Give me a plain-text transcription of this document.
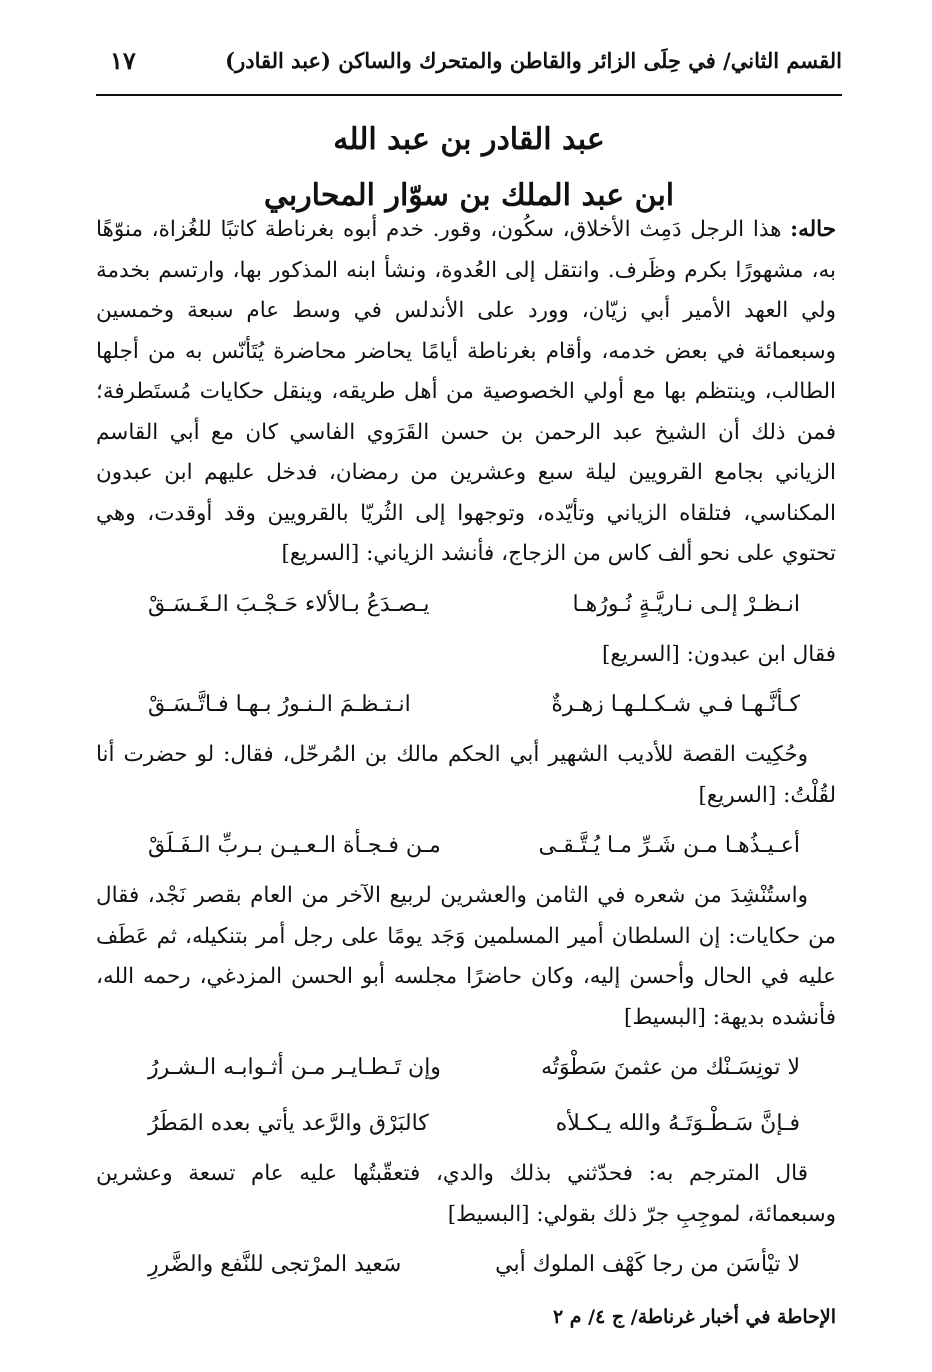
القسم الثاني/ في حِلَى الزائر والقاطن والمتحرك والساكن (عبد القادر)
١٧
عبد القادر بن عبد الله
ابن عبد الملك بن سوّار المحاربي

حاله: هذا الرجل دَمِث الأخلاق، سكُون، وقور. خدم أبوه بغرناطة كاتبًا للغُزاة، منوّهًا به، مشهورًا بكرم وظَرف. وانتقل إلى العُدوة، ونشأ ابنه المذكور بها، وارتسم بخدمة ولي العهد الأمير أبي زيّان، وورد على الأندلس في وسط عام سبعة وخمسين وسبعمائة في بعض خدمه، وأقام بغرناطة أيامًا يحاضر محاضرة يُتَأنّس به من أجلها الطالب، وينتظم بها مع أولي الخصوصية من أهل طريقه، وينقل حكايات مُستَطرفة؛ فمن ذلك أن الشيخ عبد الرحمن بن حسن القَرَوي الفاسي كان مع أبي القاسم الزياني بجامع القرويين ليلة سبع وعشرين من رمضان، فدخل عليهم ابن عبدون المكناسي، فتلقاه الزياني وتأيّده، وتوجهوا إلى الثُريّا بالقرويين وقد أوقدت، وهي تحتوي على نحو ألف كاس من الزجاج، فأنشد الزياني: [السريع]

انـظـرْ إلـى نـاريَّـةٍ نُـورُهـا
يـصـدَعُ بـالألاء حَـجْـبَ الـغَـسَـقْ

فقال ابن عبدون: [السريع]

كـأنَّـهـا فـي شـكـلـهـا زهـرةٌ
انـتـظـمَ الـنـورُ بـهـا فـاتَّـسَـقْ

وحُكِيت القصة للأديب الشهير أبي الحكم مالك بن المُرحّل، فقال: لو حضرت أنا لقُلْتُ: [السريع]

أعـيـذُهـا مـن شَـرِّ مـا يُـتَّـقـى
مـن فـجـأة الـعـيـن بـربِّ الـفَـلَقْ

واستُنْشِدَ من شعره في الثامن والعشرين لربيع الآخر من العام بقصر نَجْد، فقال من حكايات: إن السلطان أمير المسلمين وَجَد يومًا على رجل أمر بتنكيله، ثم عَطَف عليه في الحال وأحسن إليه، وكان حاضرًا مجلسه أبو الحسن المزدغي، رحمه الله، فأنشده بديهة: [البسيط]

لا تونِسَـنْك من عثمنَ سَطْوَتُه
وإن تَـطـايـر مـن أثـوابـه الـشـررُ
فـإنَّ سَـطْـوَتَـهُ والله يـكـلأه
كالبَرْق والرَّعد يأتي بعده المَطَرُ

قال المترجم به: فحدّثني بذلك والدي، فتعقّبتُها عليه عام تسعة وعشرين وسبعمائة، لموجِبِ جرّ ذلك بقولي: [البسيط]

لا تيْأسَن من رجا كَهْف الملوك أبي
سَعيد المرْتجى للنَّفع والضَّررِ
الإحاطة في أخبار غرناطة/ ج ٤/ م ٢
